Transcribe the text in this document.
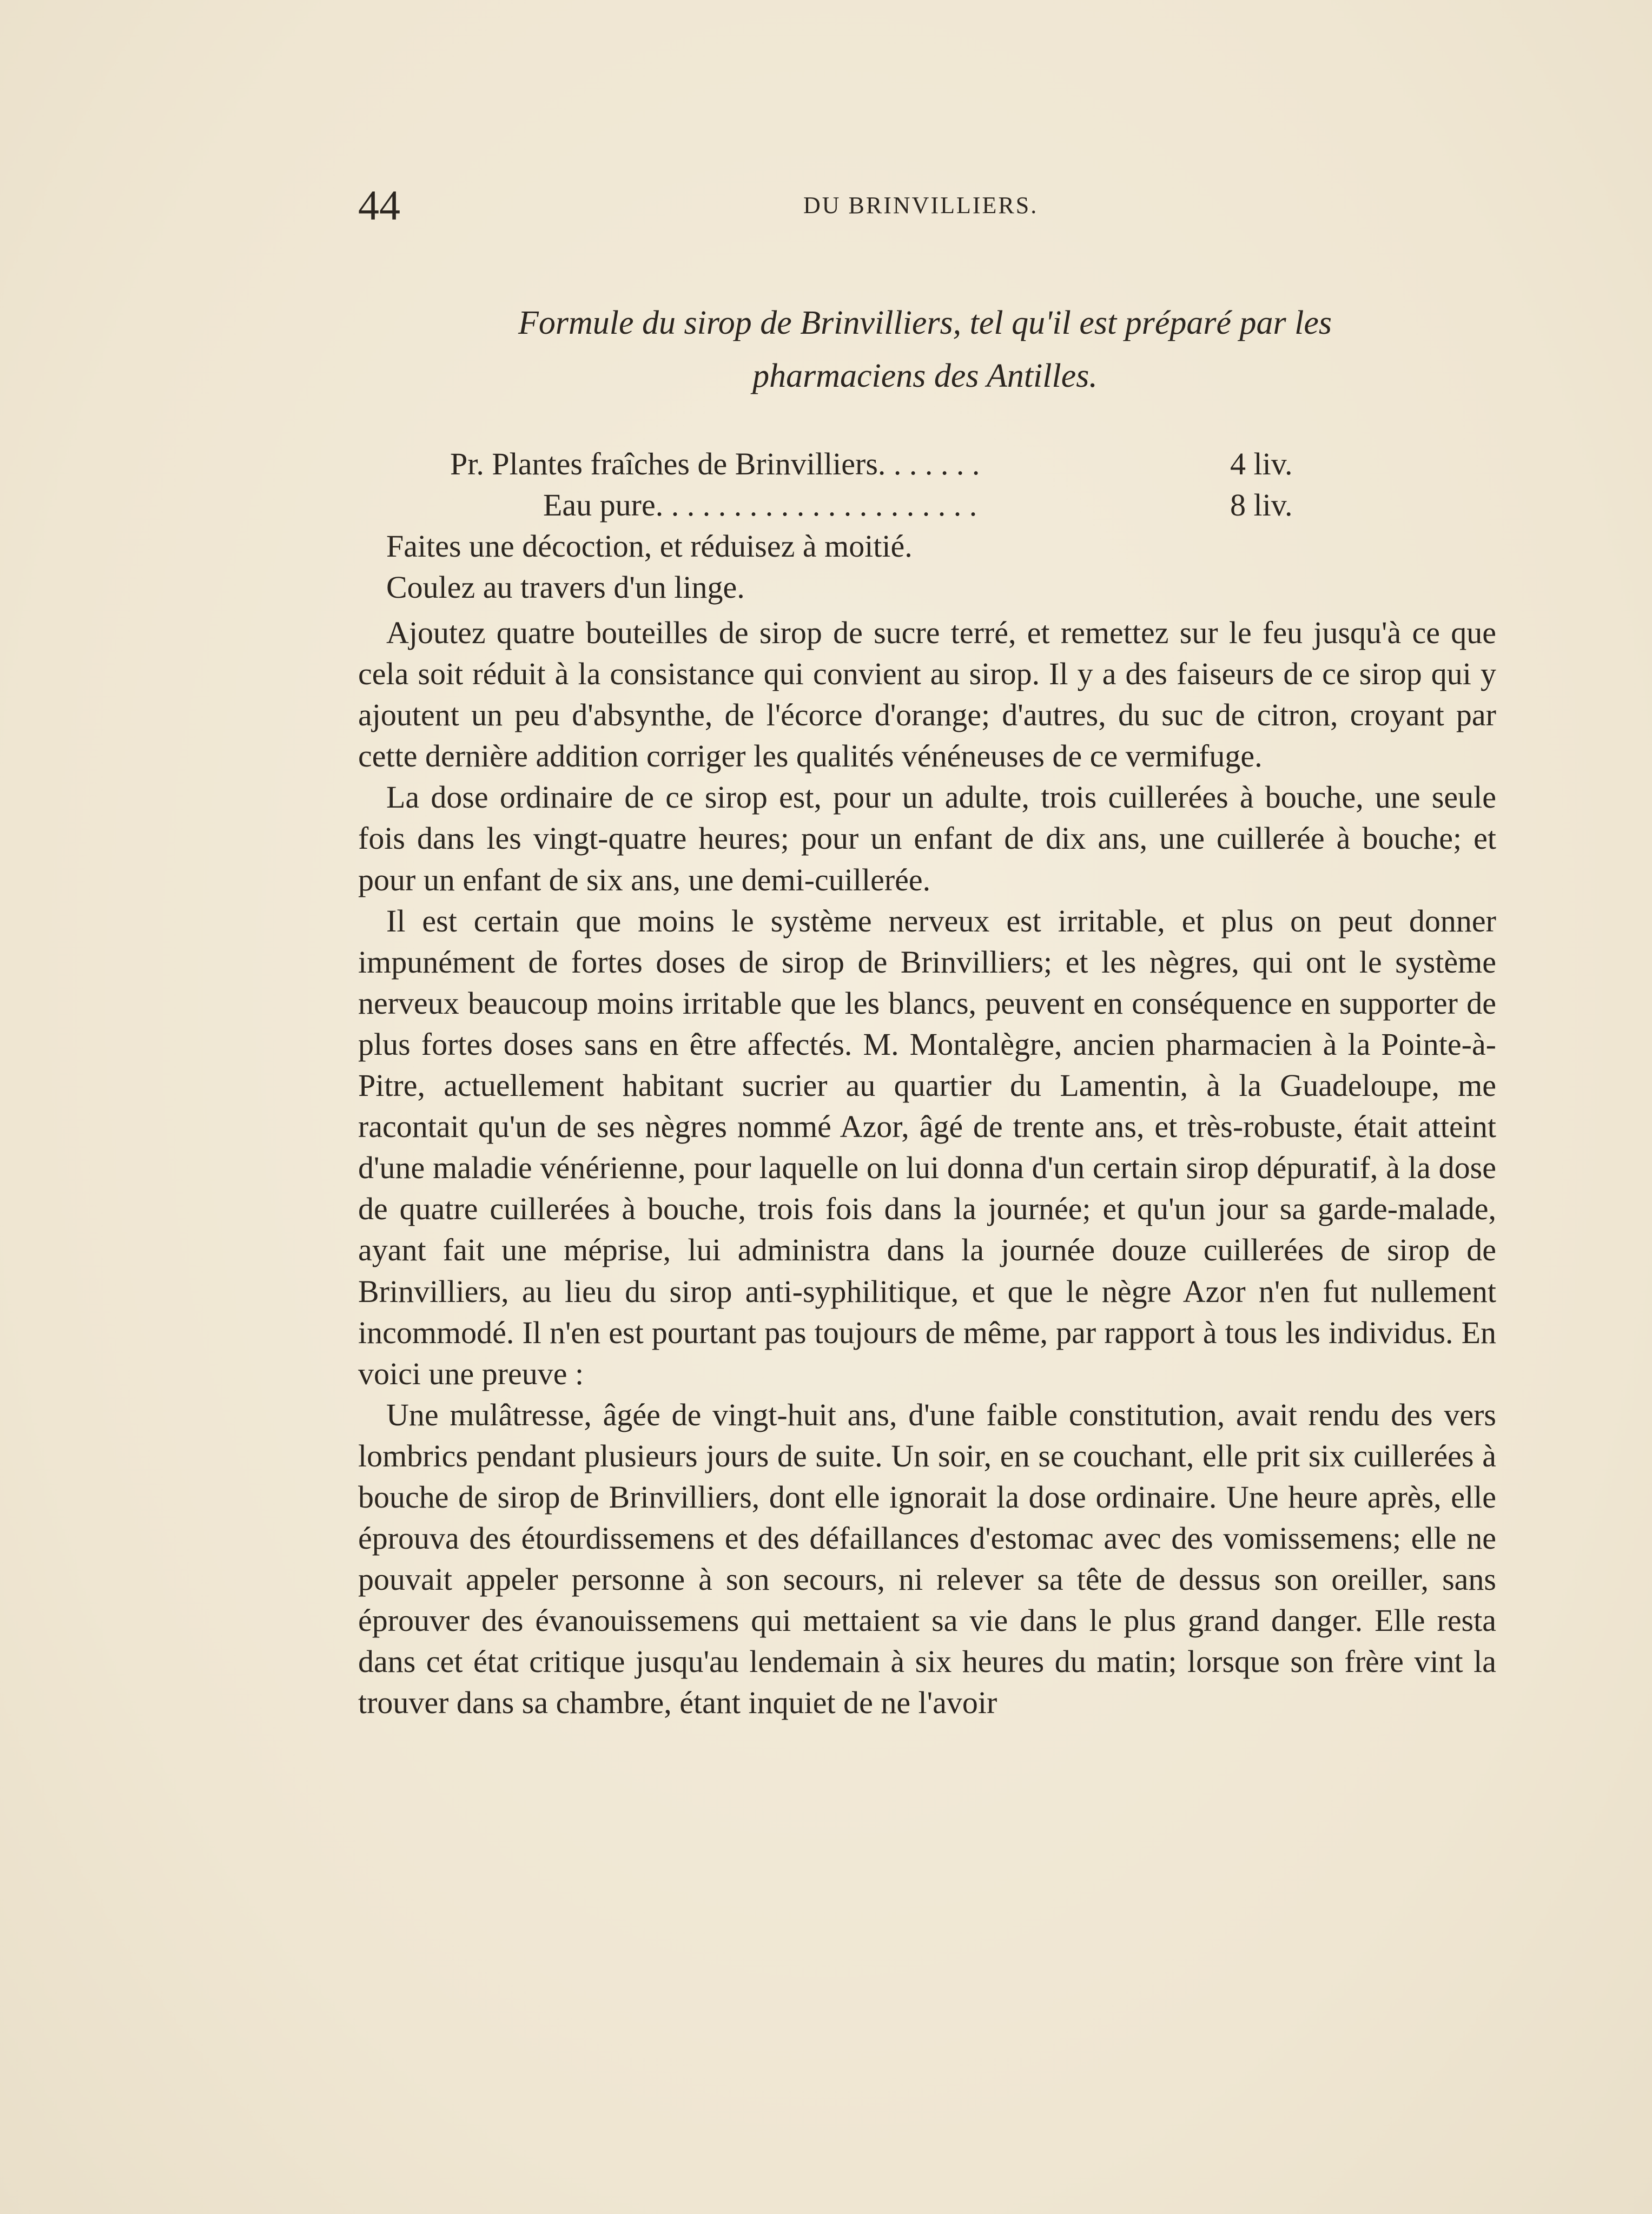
44	DU BRINVILLIERS.
Formule du sirop de Brinvilliers, tel qu'il est préparé par les
pharmaciens des Antilles.
Pr. Plantes fraîches de Brinvilliers. . . . . . .	4 liv.
Eau pure. . . . . . . . . . . . . . . . . . . . .	8 liv.
Faites une décoction, et réduisez à moitié.
Coulez au travers d'un linge.

Ajoutez quatre bouteilles de sirop de sucre terré, et remettez sur le feu jusqu'à ce que cela soit réduit à la consistance qui convient au sirop. Il y a des faiseurs de ce sirop qui y ajoutent un peu d'absynthe, de l'écorce d'orange; d'autres, du suc de citron, croyant par cette dernière addition corriger les qualités vénéneuses de ce vermifuge.

La dose ordinaire de ce sirop est, pour un adulte, trois cuillerées à bouche, une seule fois dans les vingt-quatre heures; pour un enfant de dix ans, une cuillerée à bouche; et pour un enfant de six ans, une demi-cuillerée.

Il est certain que moins le système nerveux est irritable, et plus on peut donner impunément de fortes doses de sirop de Brinvilliers; et les nègres, qui ont le système nerveux beaucoup moins irritable que les blancs, peuvent en conséquence en supporter de plus fortes doses sans en être affectés. M. Montalègre, ancien pharmacien à la Pointe-à-Pitre, actuellement habitant sucrier au quartier du Lamentin, à la Guadeloupe, me racontait qu'un de ses nègres nommé Azor, âgé de trente ans, et très-robuste, était atteint d'une maladie vénérienne, pour laquelle on lui donna d'un certain sirop dépuratif, à la dose de quatre cuillerées à bouche, trois fois dans la journée; et qu'un jour sa garde-malade, ayant fait une méprise, lui administra dans la journée douze cuillerées de sirop de Brinvilliers, au lieu du sirop anti-syphilitique, et que le nègre Azor n'en fut nullement incommodé. Il n'en est pourtant pas toujours de même, par rapport à tous les individus. En voici une preuve :

Une mulâtresse, âgée de vingt-huit ans, d'une faible constitution, avait rendu des vers lombrics pendant plusieurs jours de suite. Un soir, en se couchant, elle prit six cuillerées à bouche de sirop de Brinvilliers, dont elle ignorait la dose ordinaire. Une heure après, elle éprouva des étourdissemens et des défaillances d'estomac avec des vomissemens; elle ne pouvait appeler personne à son secours, ni relever sa tête de dessus son oreiller, sans éprouver des évanouissemens qui mettaient sa vie dans le plus grand danger. Elle resta dans cet état critique jusqu'au lendemain à six heures du matin; lorsque son frère vint la trouver dans sa chambre, étant inquiet de ne l'avoir
